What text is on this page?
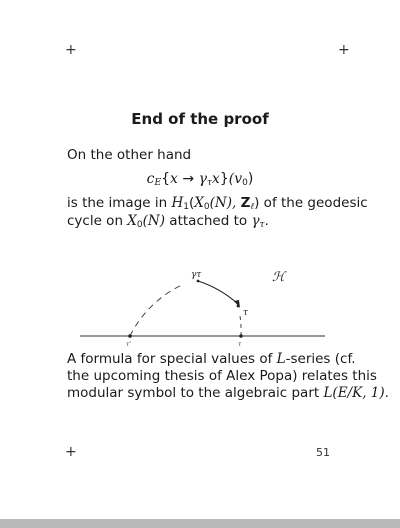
+	+
+
End of the proof
On the other hand
$c_E\{x \to \gamma_\tau x\}(v_0)$
is the image in $H_1(X_0(N)$, $Z_\ell$) of the geodesic
cycle on $X_0(N)$ attached to $\gamma_\tau$.
γτ
τ
ℋ
τ'	τ
A formula for special values of L-series (cf.
the upcoming thesis of Alex Popa) relates this
modular symbol to the algebraic part L(E/K, 1).
51
